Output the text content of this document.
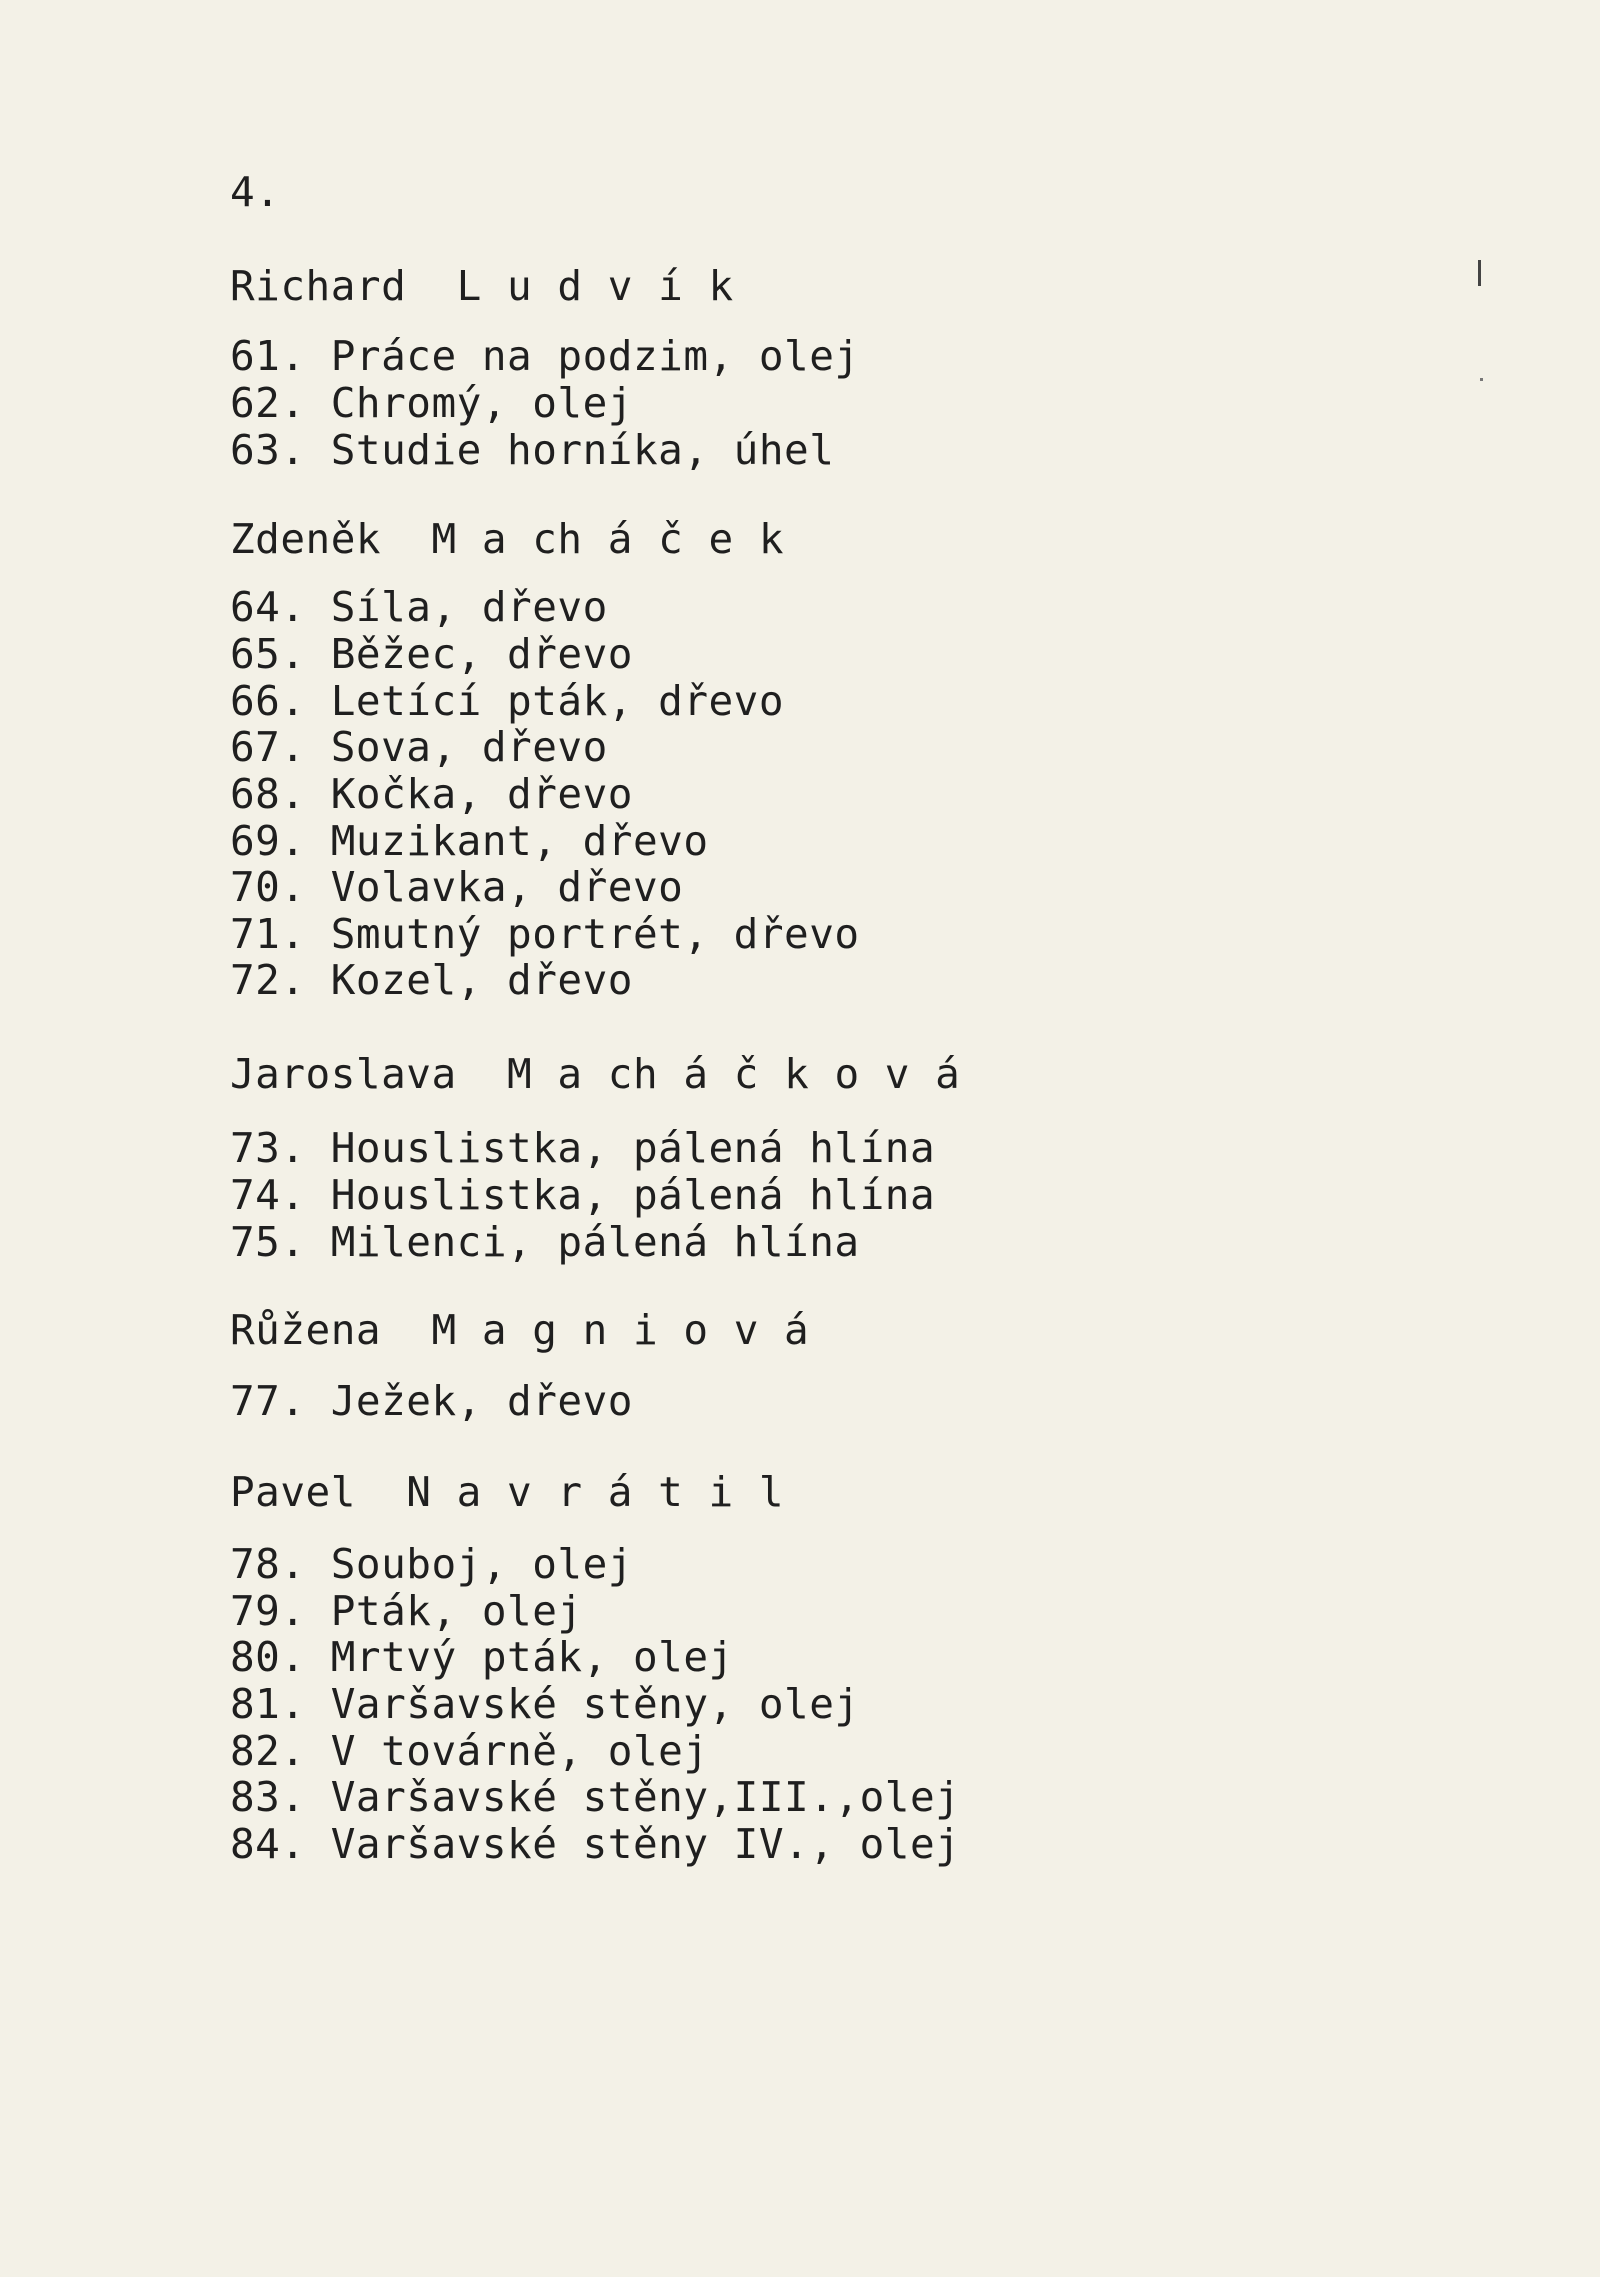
4.

Richard L u d v í k

61. Práce na podzim, olej

62. Chromý, olej

63. Studie horníka, úhel

Zdeněk M a ch á č e k

64. Síla, dřevo

65. Běžec, dřevo

66. Letící pták, dřevo

67. Sova, dřevo

68. Kočka, dřevo

69. Muzikant, dřevo

70. Volavka, dřevo

71. Smutný portrét, dřevo

72. Kozel, dřevo

Jaroslava M a ch á č k o v á

73. Houslistka, pálená hlína

74. Houslistka, pálená hlína

75. Milenci, pálená hlína

Růžena M a g n i o v á

77. Ježek, dřevo

Pavel N a v r á t i l

78. Souboj, olej

79. Pták, olej

80. Mrtvý pták, olej

81. Varšavské stěny, olej

82. V továrně, olej

83. Varšavské stěny,III.,olej

84. Varšavské stěny IV., olej
